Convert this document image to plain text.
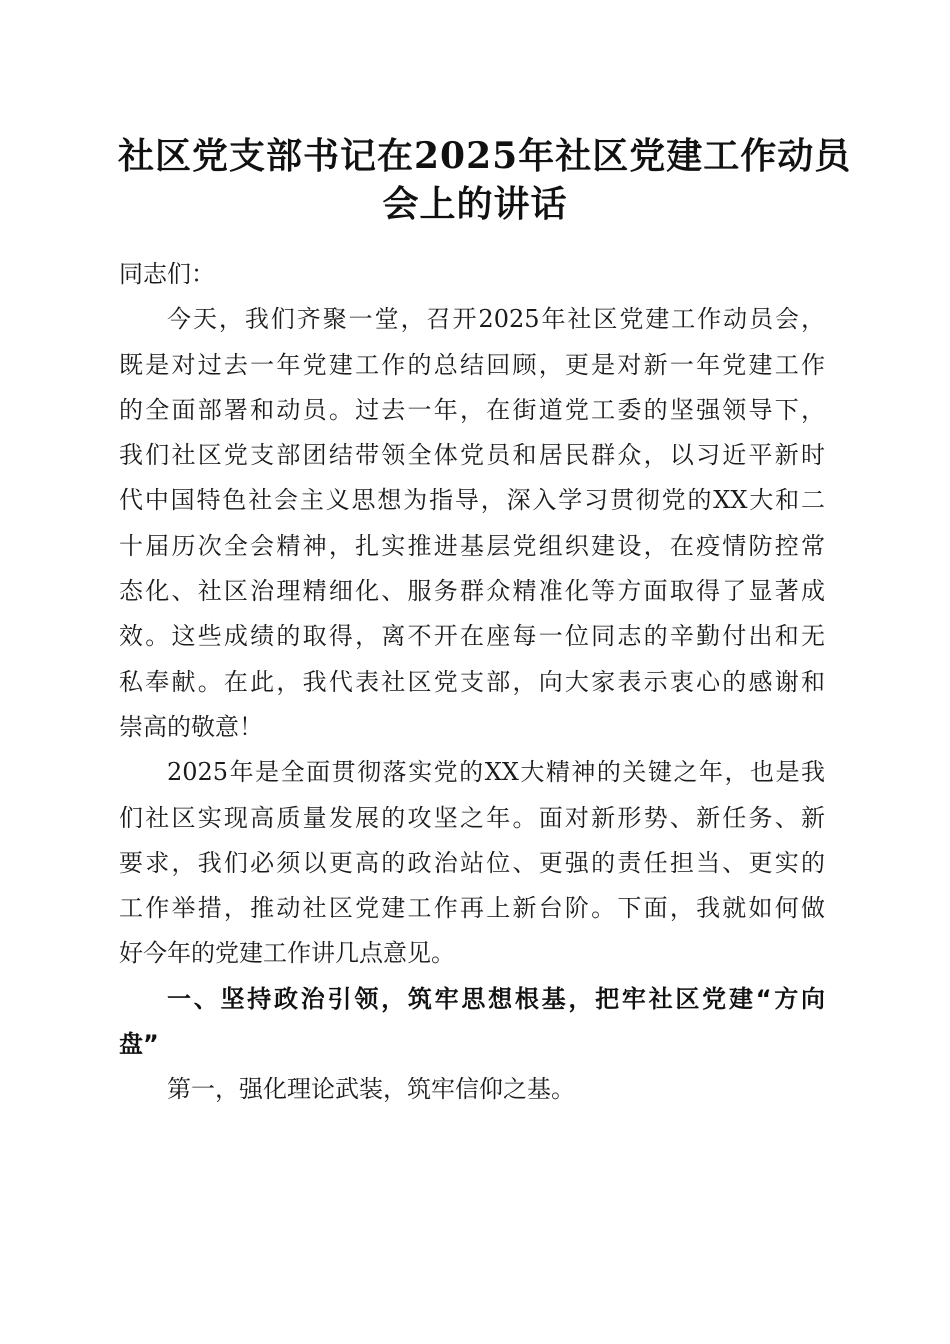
社区党支部书记在2025年社区党建工作动员
会上的讲话
同志们：
今天，我们齐聚一堂，召开2025年社区党建工作动员会，
既是对过去一年党建工作的总结回顾，更是对新一年党建工作
的全面部署和动员。过去一年，在街道党工委的坚强领导下，
我们社区党支部团结带领全体党员和居民群众，以习近平新时
代中国特色社会主义思想为指导，深入学习贯彻党的XX大和二
十届历次全会精神，扎实推进基层党组织建设，在疫情防控常
态化、社区治理精细化、服务群众精准化等方面取得了显著成
效。这些成绩的取得，离不开在座每一位同志的辛勤付出和无
私奉献。在此，我代表社区党支部，向大家表示衷心的感谢和
崇高的敬意！
2025年是全面贯彻落实党的XX大精神的关键之年，也是我
们社区实现高质量发展的攻坚之年。面对新形势、新任务、新
要求，我们必须以更高的政治站位、更强的责任担当、更实的
工作举措，推动社区党建工作再上新台阶。下面，我就如何做
好今年的党建工作讲几点意见。
一、坚持政治引领，筑牢思想根基，把牢社区党建“方向
盘”
第一，强化理论武装，筑牢信仰之基。
